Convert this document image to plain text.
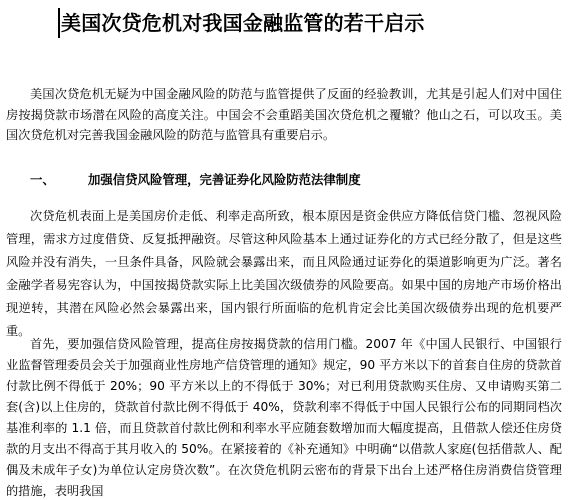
美国次贷危机对我国金融监管的若干启示

美国次贷危机无疑为中国金融风险的防范与监管提供了反面的经验教训，尤其是引起人们对中国住房按揭贷款市场潜在风险的高度关注。中国会不会重蹈美国次贷危机之覆辙？他山之石，可以攻玉。美国次贷危机对完善我国金融风险的防范与监管具有重要启示。

一、	加强信贷风险管理，完善证券化风险防范法律制度

次贷危机表面上是美国房价走低、利率走高所致，根本原因是资金供应方降低信贷门槛、忽视风险管理，需求方过度借贷、反复抵押融资。尽管这种风险基本上通过证券化的方式已经分散了，但是这些风险并没有消失，一旦条件具备，风险就会暴露出来，而且风险通过证券化的渠道影响更为广泛。著名金融学者易宪容认为，中国按揭贷款实际上比美国次级债券的风险要高。如果中国的房地产市场价格出现逆转，其潜在风险必然会暴露出来，国内银行所面临的危机肯定会比美国次级债券出现的危机要严重。

首先，要加强信贷风险管理，提高住房按揭贷款的信用门槛。2007 年《中国人民银行、中国银行业监督管理委员会关于加强商业性房地产信贷管理的通知》规定，90 平方米以下的首套自住房的贷款首付款比例不得低于 20%；90 平方米以上的不得低于 30%；对已利用贷款购买住房、又申请购买第二套(含)以上住房的，贷款首付款比例不得低于 40%，贷款利率不得低于中国人民银行公布的同期同档次基准利率的 1.1 倍，而且贷款首付款比例和利率水平应随套数增加而大幅度提高，且借款人偿还住房贷款的月支出不得高于其月收入的 50%。在紧接着的《补充通知》中明确“以借款人家庭(包括借款人、配偶及未成年子女)为单位认定房贷次数”。在次贷危机阴云密布的背景下出台上述严格住房消费信贷管理的措施，表明我国
